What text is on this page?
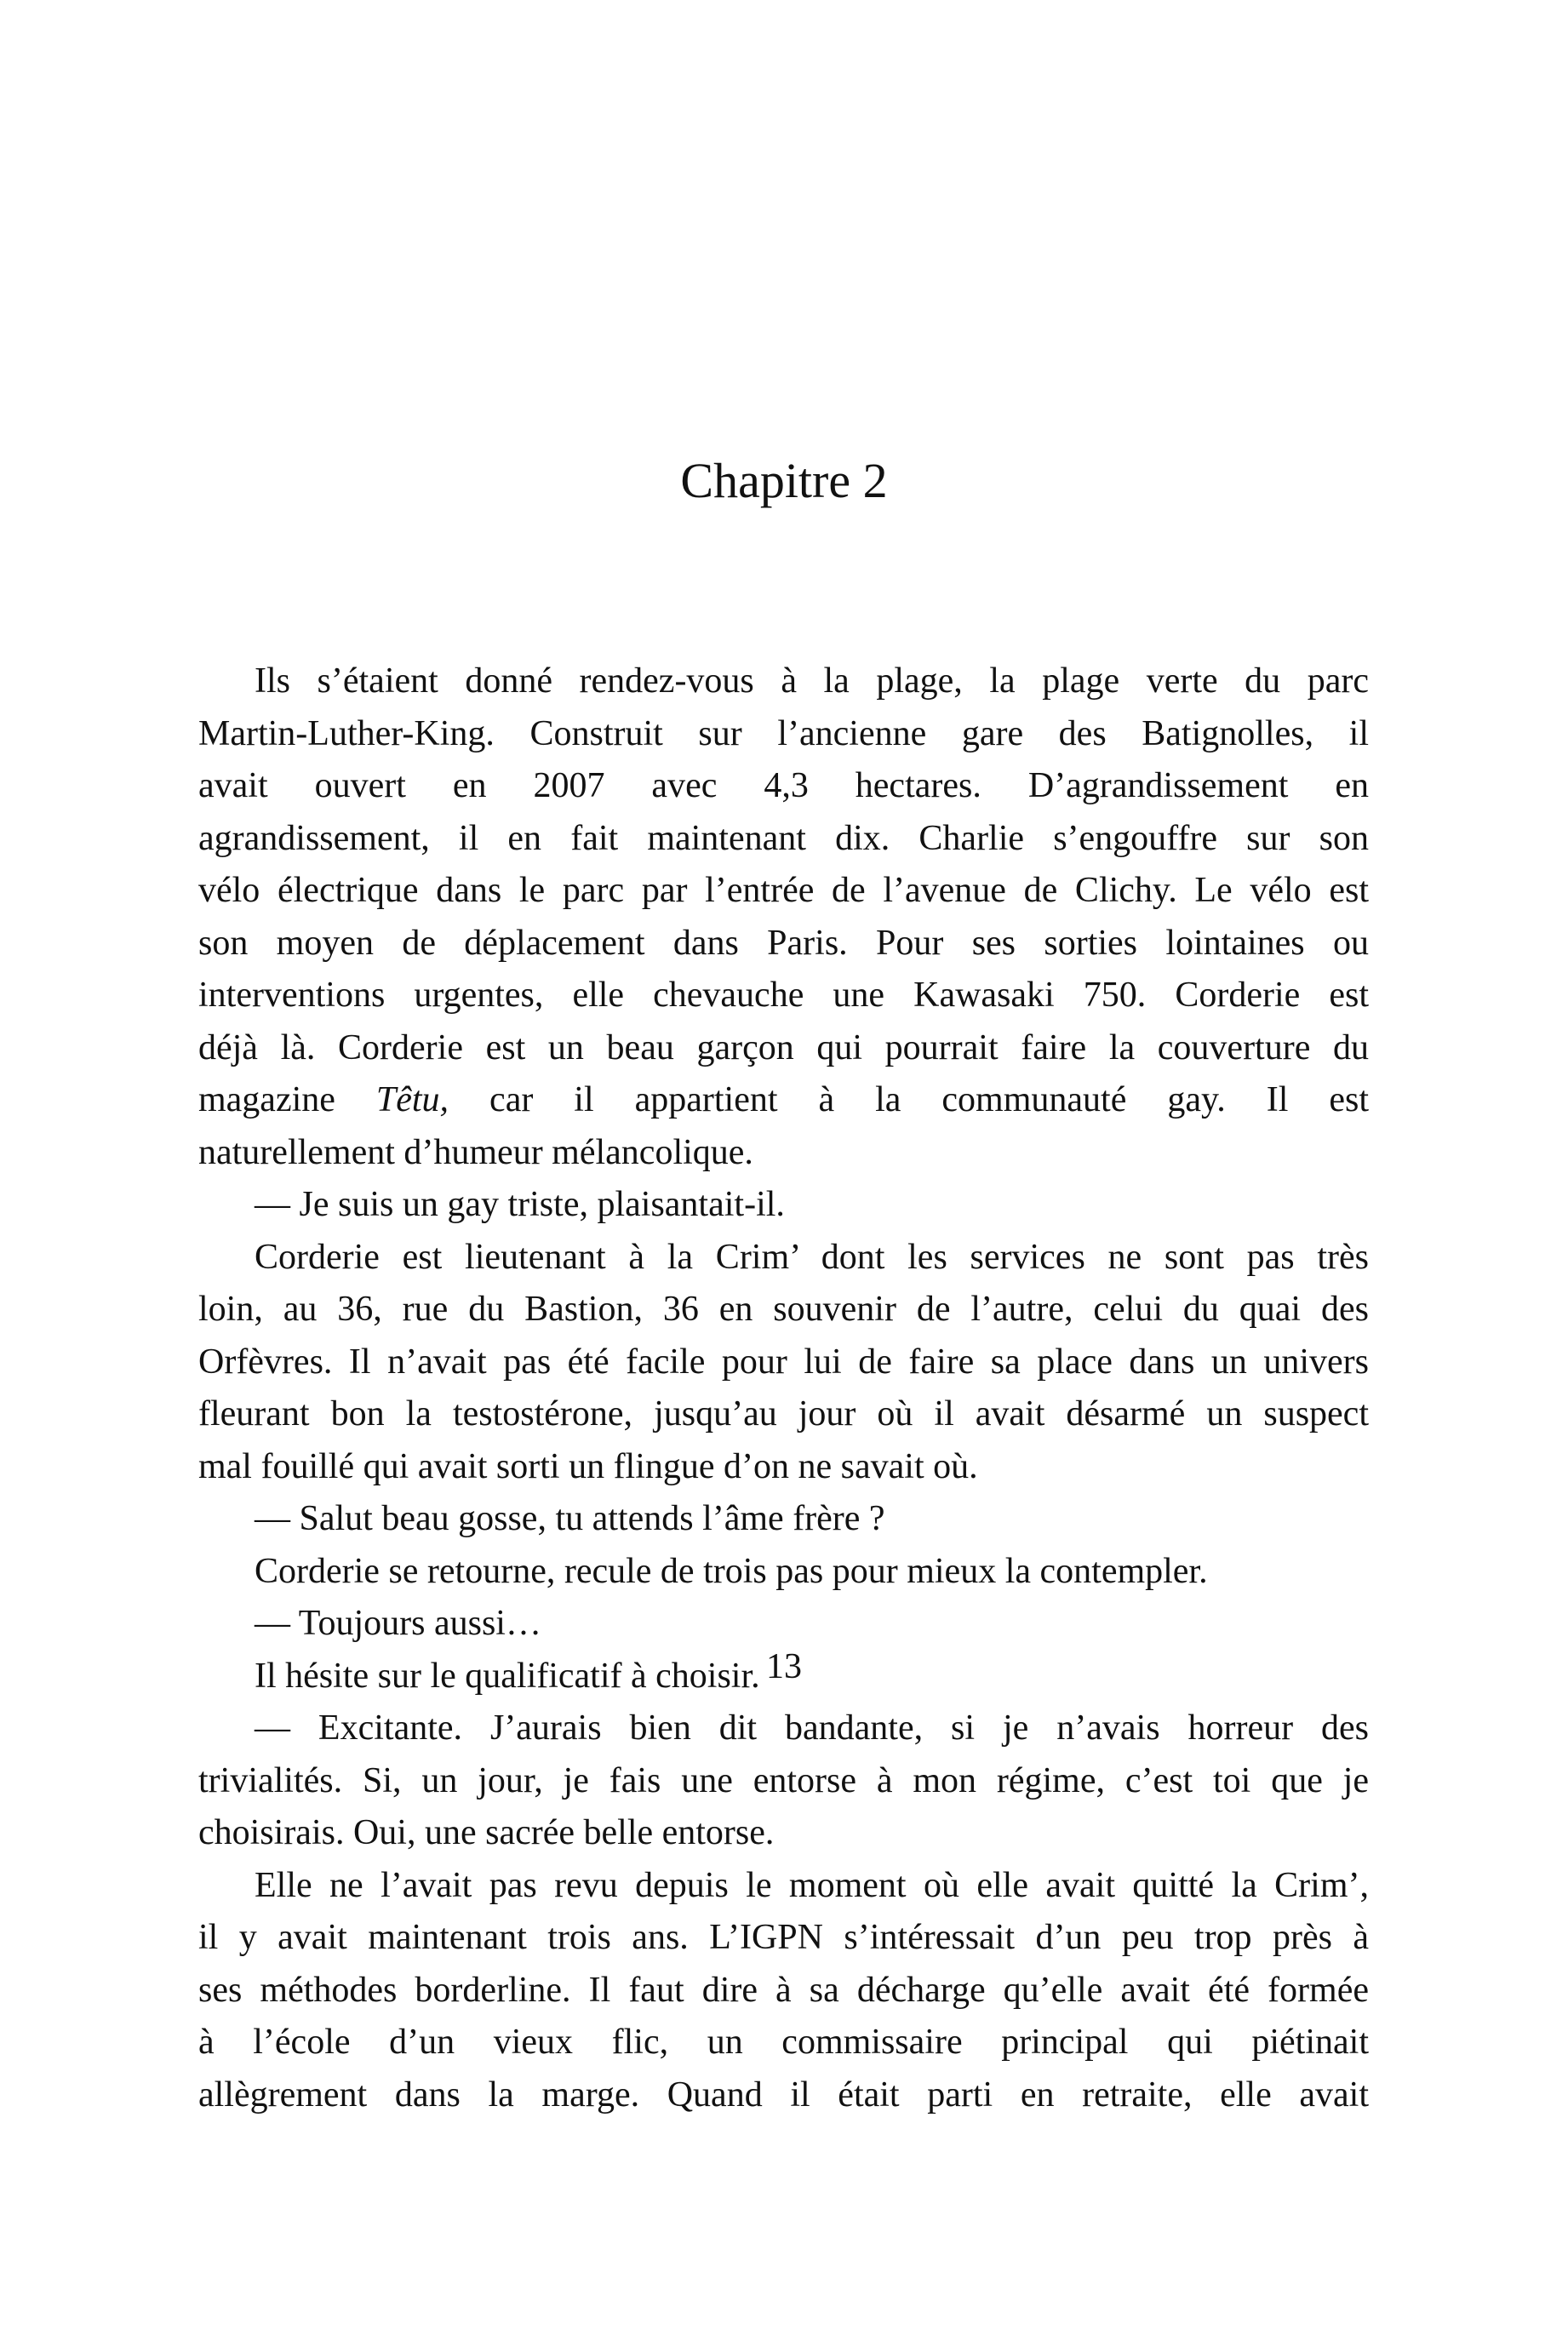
Chapitre 2
Ils s’étaient donné rendez-vous à la plage, la plage verte du parc
Martin-Luther-King. Construit sur l’ancienne gare des Batignolles, il
avait ouvert en 2007 avec 4,3 hectares. D’agrandissement en
agrandissement, il en fait maintenant dix. Charlie s’engouffre sur son
vélo électrique dans le parc par l’entrée de l’avenue de Clichy. Le vélo est
son moyen de déplacement dans Paris. Pour ses sorties lointaines ou
interventions urgentes, elle chevauche une Kawasaki 750. Corderie est
déjà là. Corderie est un beau garçon qui pourrait faire la couverture du
magazine Têtu, car il appartient à la communauté gay. Il est
naturellement d’humeur mélancolique.
— Je suis un gay triste, plaisantait-il.
Corderie est lieutenant à la Crim’ dont les services ne sont pas très
loin, au 36, rue du Bastion, 36 en souvenir de l’autre, celui du quai des
Orfèvres. Il n’avait pas été facile pour lui de faire sa place dans un univers
fleurant bon la testostérone, jusqu’au jour où il avait désarmé un suspect
mal fouillé qui avait sorti un flingue d’on ne savait où.
— Salut beau gosse, tu attends l’âme frère ?
Corderie se retourne, recule de trois pas pour mieux la contempler.
— Toujours aussi…
Il hésite sur le qualificatif à choisir.
— Excitante. J’aurais bien dit bandante, si je n’avais horreur des
trivialités. Si, un jour, je fais une entorse à mon régime, c’est toi que je
choisirais. Oui, une sacrée belle entorse.
Elle ne l’avait pas revu depuis le moment où elle avait quitté la Crim’,
il y avait maintenant trois ans. L’IGPN s’intéressait d’un peu trop près à
ses méthodes borderline. Il faut dire à sa décharge qu’elle avait été formée
à l’école d’un vieux flic, un commissaire principal qui piétinait
allègrement dans la marge. Quand il était parti en retraite, elle avait
13
